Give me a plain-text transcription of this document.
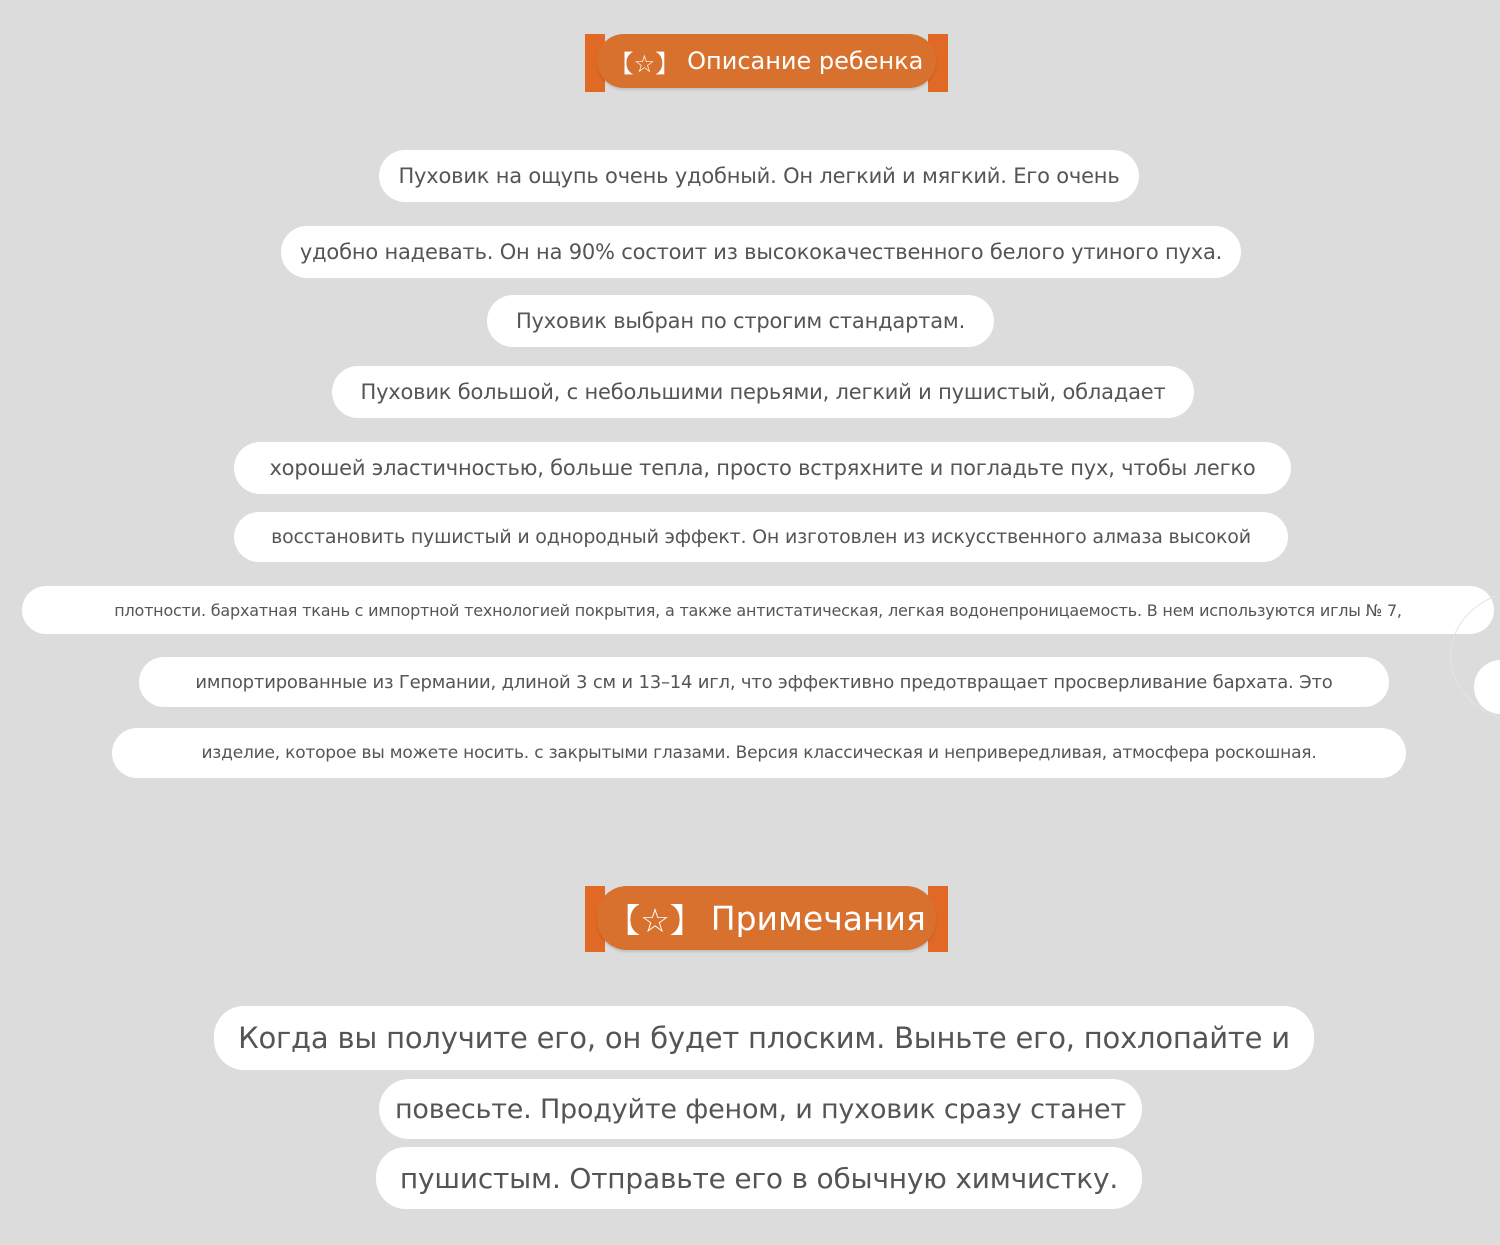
【☆】 Описание ребенка
Пуховик на ощупь очень удобный. Он легкий и мягкий. Его очень
удобно надевать. Он на 90% состоит из высококачественного белого утиного пуха.
Пуховик выбран по строгим стандартам.
Пуховик большой, с небольшими перьями, легкий и пушистый, обладает
хорошей эластичностью, больше тепла, просто встряхните и погладьте пух, чтобы легко
восстановить пушистый и однородный эффект. Он изготовлен из искусственного алмаза высокой
плотности. бархатная ткань с импортной технологией покрытия, а также антистатическая, легкая водонепроницаемость. В нем используются иглы № 7,
импортированные из Германии, длиной 3 см и 13–14 игл, что эффективно предотвращает просверливание бархата. Это
изделие, которое вы можете носить. с закрытыми глазами. Версия классическая и непривередливая, атмосфера роскошная.
【☆】 Примечания
Когда вы получите его, он будет плоским. Выньте его, похлопайте и
повесьте. Продуйте феном, и пуховик сразу станет
пушистым. Отправьте его в обычную химчистку.
